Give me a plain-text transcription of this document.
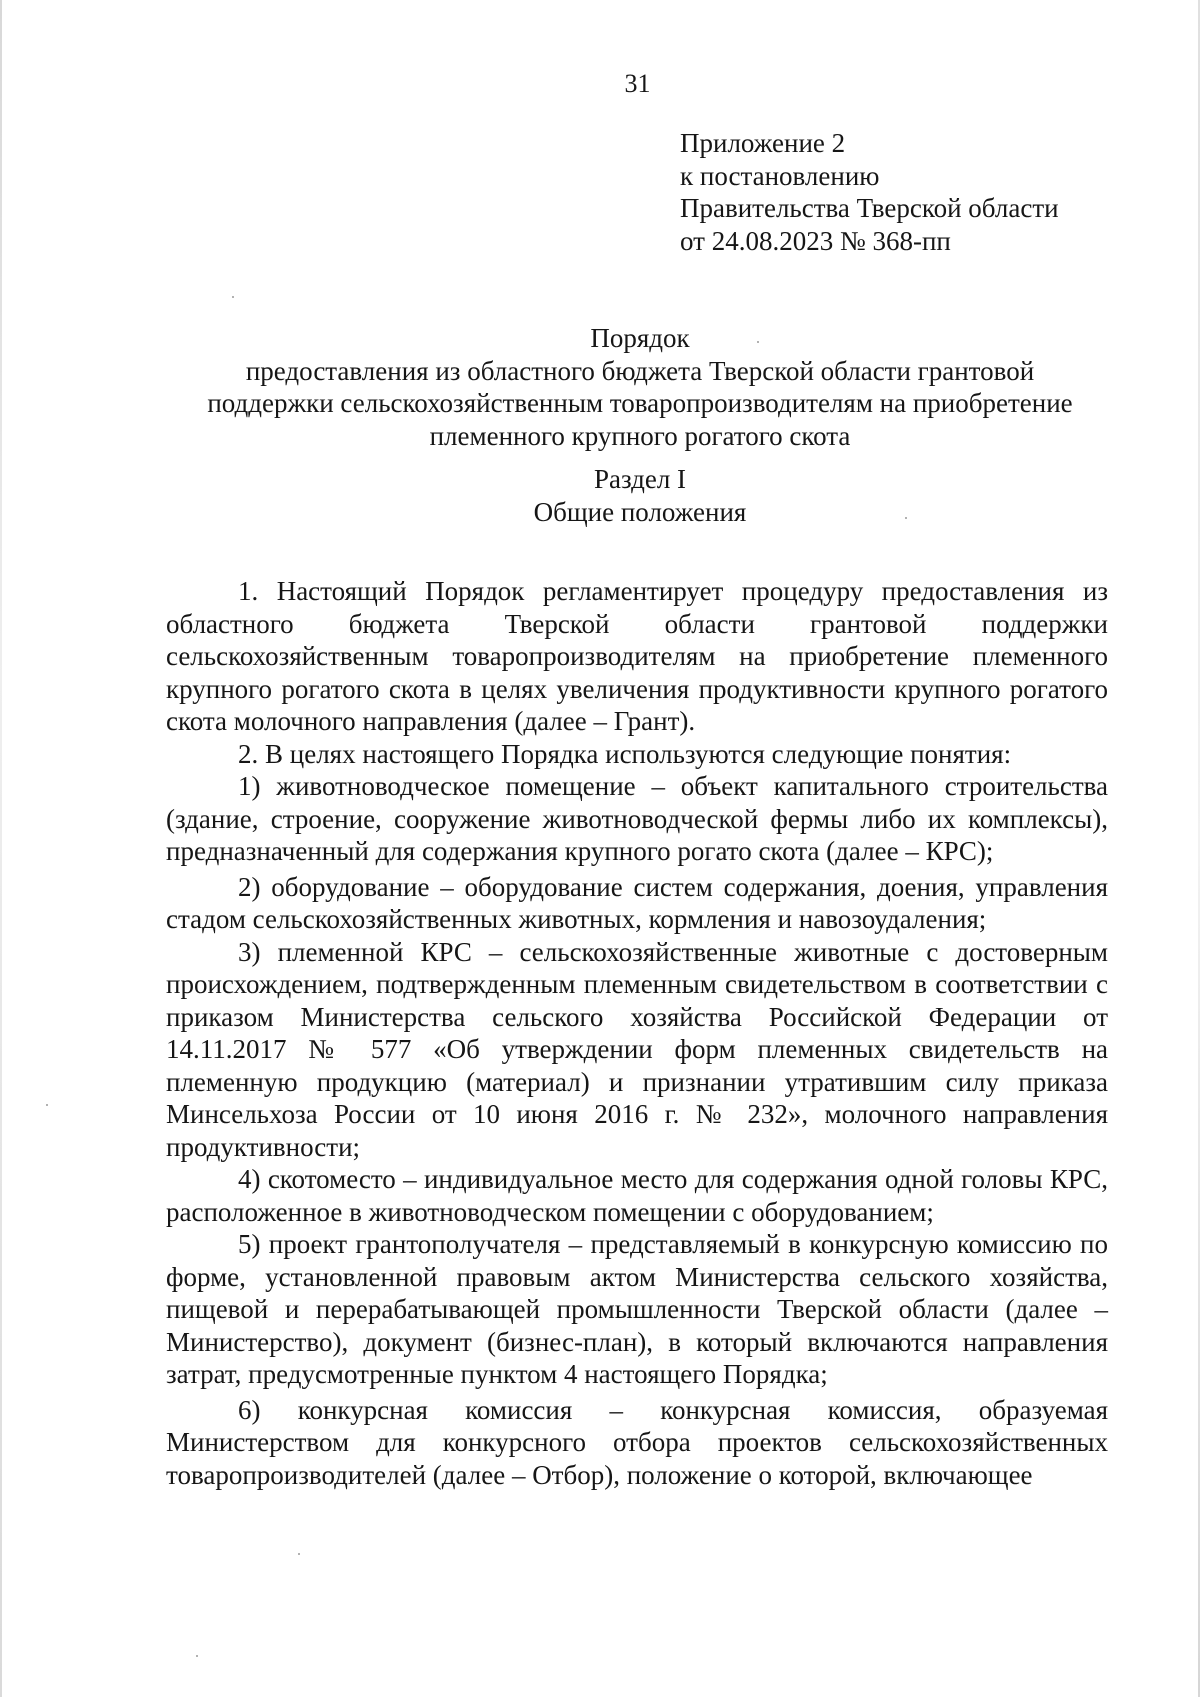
31
Приложение 2
к постановлению
Правительства Тверской области
от 24.08.2023 № 368-пп
Порядок
предоставления из областного бюджета Тверской области грантовой
поддержки сельскохозяйственным товаропроизводителям на приобретение
племенного крупного рогатого скота
Раздел I
Общие положения

1. Настоящий Порядок регламентирует процедуру предоставления из областного бюджета Тверской области грантовой поддержки сельскохозяйственным товаропроизводителям на приобретение племенного крупного рогатого скота в целях увеличения продуктивности крупного рогатого скота молочного направления (далее – Грант).

2. В целях настоящего Порядка используются следующие понятия:

1) животноводческое помещение – объект капитального строительства (здание, строение, сооружение животноводческой фермы либо их комплексы), предназначенный для содержания крупного рогато скота (далее – КРС);

2) оборудование – оборудование систем содержания, доения, управления стадом сельскохозяйственных животных, кормления и навозоудаления;

3) племенной КРС – сельскохозяйственные животные с достоверным происхождением, подтвержденным племенным свидетельством в соответствии с приказом Министерства сельского хозяйства Российской Федерации от 14.11.2017 № 577 «Об утверждении форм племенных свидетельств на племенную продукцию (материал) и признании утратившим силу приказа Минсельхоза России от 10 июня 2016 г. № 232», молочного направления продуктивности;

4) скотоместо – индивидуальное место для содержания одной головы КРС, расположенное в животноводческом помещении с оборудованием;

5) проект грантополучателя – представляемый в конкурсную комиссию по форме, установленной правовым актом Министерства сельского хозяйства, пищевой и перерабатывающей промышленности Тверской области (далее – Министерство), документ (бизнес-план), в который включаются направления затрат, предусмотренные пунктом 4 настоящего Порядка;

6) конкурсная комиссия – конкурсная комиссия, образуемая Министерством для конкурсного отбора проектов сельскохозяйственных товаропроизводителей (далее – Отбор), положение о которой, включающее
